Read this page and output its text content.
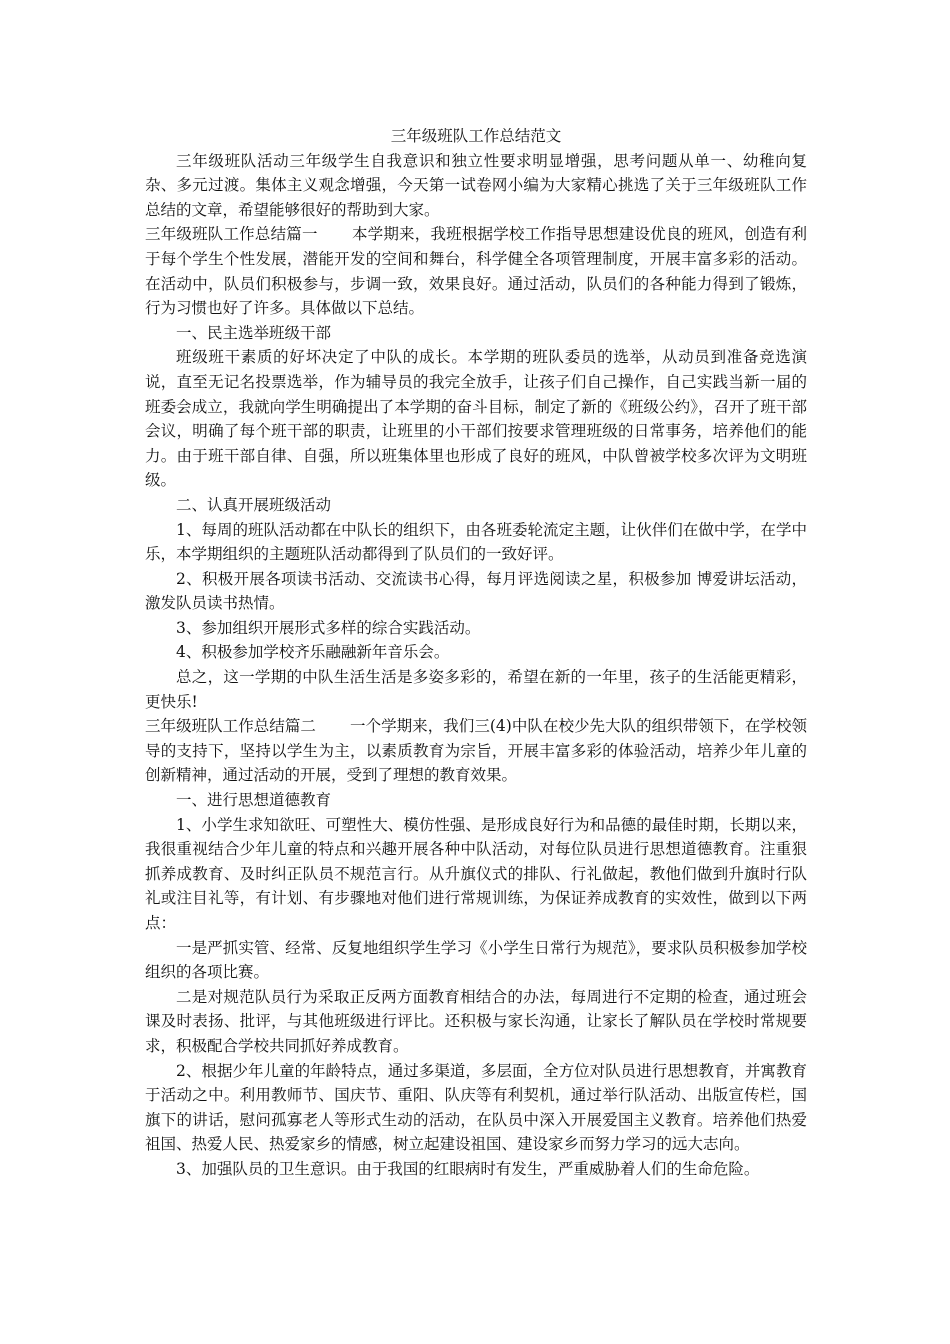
三年级班队工作总结范文

三年级班队活动三年级学生自我意识和独立性要求明显增强，思考问题从单一、幼稚向复杂、多元过渡。集体主义观念增强，今天第一试卷网小编为大家精心挑选了关于三年级班队工作总结的文章，希望能够很好的帮助到大家。

三年级班队工作总结篇一 本学期来，我班根据学校工作指导思想建设优良的班风，创造有利于每个学生个性发展，潜能开发的空间和舞台，科学健全各项管理制度，开展丰富多彩的活动。在活动中，队员们积极参与，步调一致，效果良好。通过活动，队员们的各种能力得到了锻炼，行为习惯也好了许多。具体做以下总结。

一、民主选举班级干部

班级班干素质的好坏决定了中队的成长。本学期的班队委员的选举，从动员到准备竞选演说，直至无记名投票选举，作为辅导员的我完全放手，让孩子们自己操作，自己实践当新一届的班委会成立，我就向学生明确提出了本学期的奋斗目标，制定了新的《班级公约》，召开了班干部会议，明确了每个班干部的职责，让班里的小干部们按要求管理班级的日常事务，培养他们的能力。由于班干部自律、自强，所以班集体里也形成了良好的班风，中队曾被学校多次评为文明班级。

二、认真开展班级活动

1、每周的班队活动都在中队长的组织下，由各班委轮流定主题，让伙伴们在做中学，在学中乐，本学期组织的主题班队活动都得到了队员们的一致好评。

2、积极开展各项读书活动、交流读书心得，每月评选阅读之星，积极参加 博爱讲坛活动，激发队员读书热情。

3、参加组织开展形式多样的综合实践活动。

4、积极参加学校齐乐融融新年音乐会。

总之，这一学期的中队生活生活是多姿多彩的，希望在新的一年里，孩子的生活能更精彩，更快乐!

三年级班队工作总结篇二 一个学期来，我们三(4)中队在校少先大队的组织带领下，在学校领导的支持下，坚持以学生为主，以素质教育为宗旨，开展丰富多彩的体验活动，培养少年儿童的创新精神，通过活动的开展，受到了理想的教育效果。

一、进行思想道德教育

1、小学生求知欲旺、可塑性大、模仿性强、是形成良好行为和品德的最佳时期，长期以来，我很重视结合少年儿童的特点和兴趣开展各种中队活动，对每位队员进行思想道德教育。注重狠抓养成教育、及时纠正队员不规范言行。从升旗仪式的排队、行礼做起，教他们做到升旗时行队礼或注目礼等，有计划、有步骤地对他们进行常规训练，为保证养成教育的实效性，做到以下两点：

一是严抓实管、经常、反复地组织学生学习《小学生日常行为规范》，要求队员积极参加学校组织的各项比赛。

二是对规范队员行为采取正反两方面教育相结合的办法，每周进行不定期的检查，通过班会课及时表扬、批评，与其他班级进行评比。还积极与家长沟通，让家长了解队员在学校时常规要求，积极配合学校共同抓好养成教育。

2、根据少年儿童的年龄特点，通过多渠道，多层面，全方位对队员进行思想教育，并寓教育于活动之中。利用教师节、国庆节、重阳、队庆等有利契机，通过举行队活动、出版宣传栏，国旗下的讲话，慰问孤寡老人等形式生动的活动，在队员中深入开展爱国主义教育。培养他们热爱祖国、热爱人民、热爱家乡的情感，树立起建设祖国、建设家乡而努力学习的远大志向。

3、加强队员的卫生意识。由于我国的红眼病时有发生，严重威胁着人们的生命危险。
